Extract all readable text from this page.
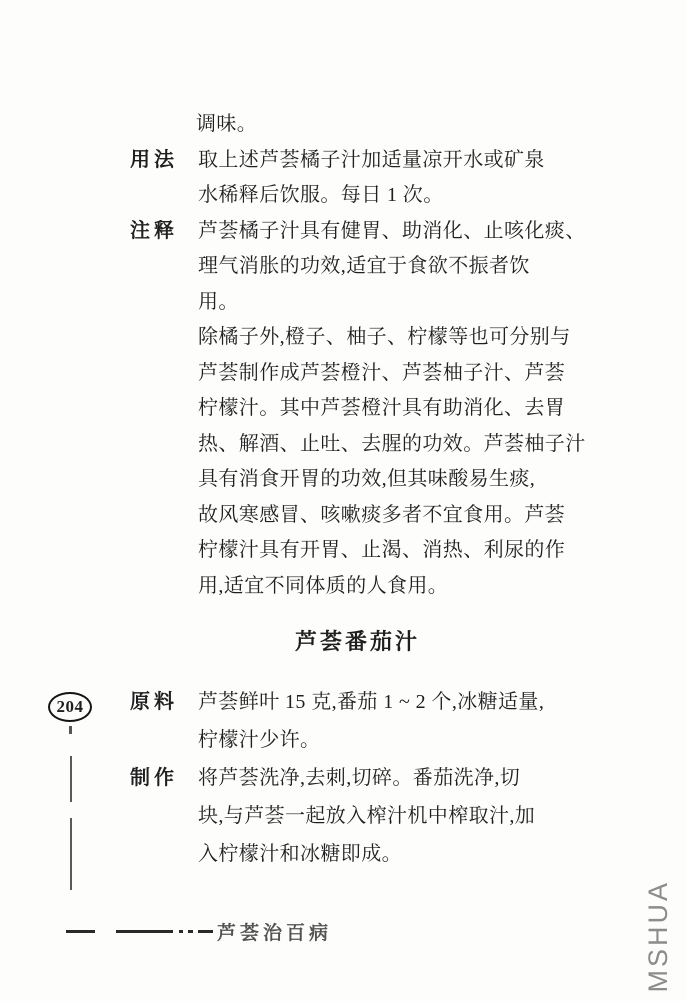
调味。
用法 取上述芦荟橘子汁加适量凉开水或矿泉
水稀释后饮服。每日 1 次。
注释 芦荟橘子汁具有健胃、助消化、止咳化痰、
理气消胀的功效,适宜于食欲不振者饮
用。
除橘子外,橙子、柚子、柠檬等也可分别与
芦荟制作成芦荟橙汁、芦荟柚子汁、芦荟
柠檬汁。其中芦荟橙汁具有助消化、去胃
热、解酒、止吐、去腥的功效。芦荟柚子汁
具有消食开胃的功效,但其味酸易生痰,
故风寒感冒、咳嗽痰多者不宜食用。芦荟
柠檬汁具有开胃、止渴、消热、利尿的作
用,适宜不同体质的人食用。
芦荟番茄汁
原料 芦荟鲜叶 15 克,番茄 1 ~ 2 个,冰糖适量,
柠檬汁少许。
制作 将芦荟洗净,去刺,切碎。番茄洗净,切
块,与芦荟一起放入榨汁机中榨取汁,加
入柠檬汁和冰糖即成。
204
芦荟治百病	MSHUA
